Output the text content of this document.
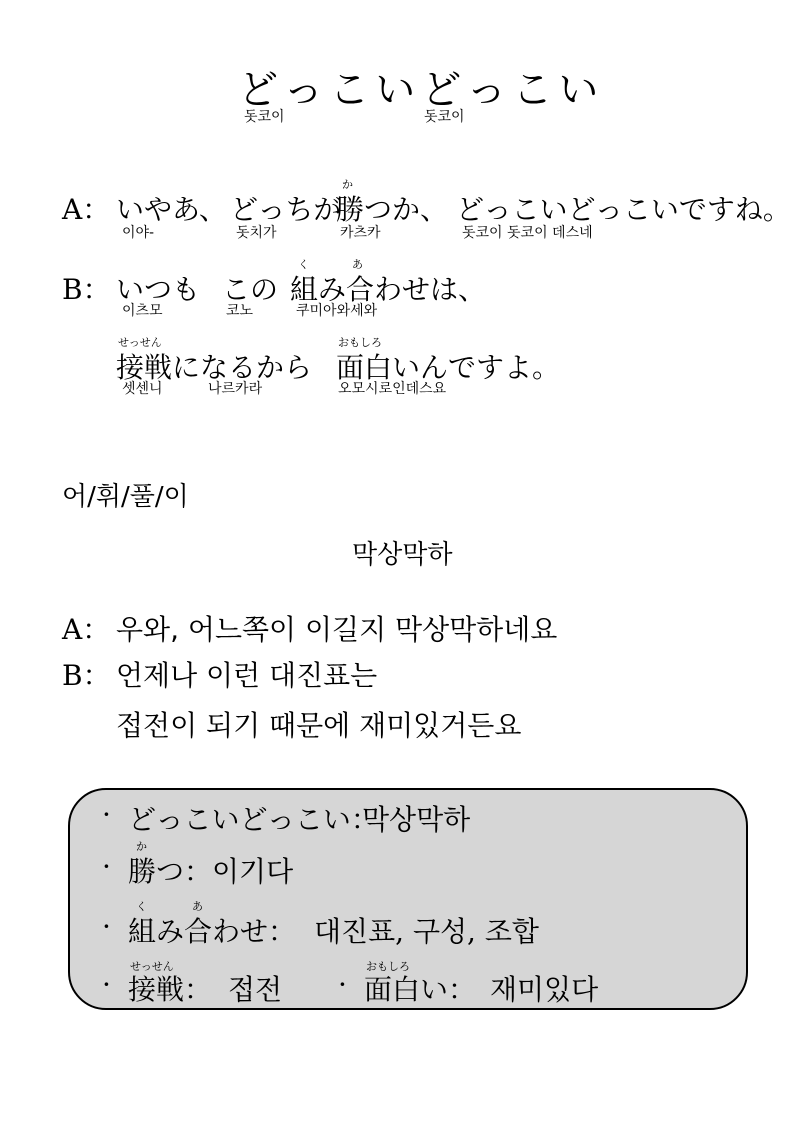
どっこいどっこい
돗코이	돗코이
A： いやあ、 どっちが
か
勝 つか、 どっこいどっこいですね。
이야-	돗치가	카츠카	돗코이 돗코이 데스네
B： いつも この
く	あ
組み合わせは、
이츠모	코노	쿠미아와세와
せっせん	おもしろ
接戦になるから 面白いんですよ。
셋센니	나르카라	오모시로인데스요
어/휘/풀/이
막상막하
A： 우와, 어느쪽이 이길지 막상막하네요
B： 언제나 이런 대진표는
접전이 되기 때문에 재미있거든요
· どっこいどっこい：
막상막하
か
· 勝つ： 이기다
く	あ
· 組み合わせ： 대진표, 구성, 조합
せっせん	おもしろ
· 接戦： 접전 · 面白い： 재미있다
